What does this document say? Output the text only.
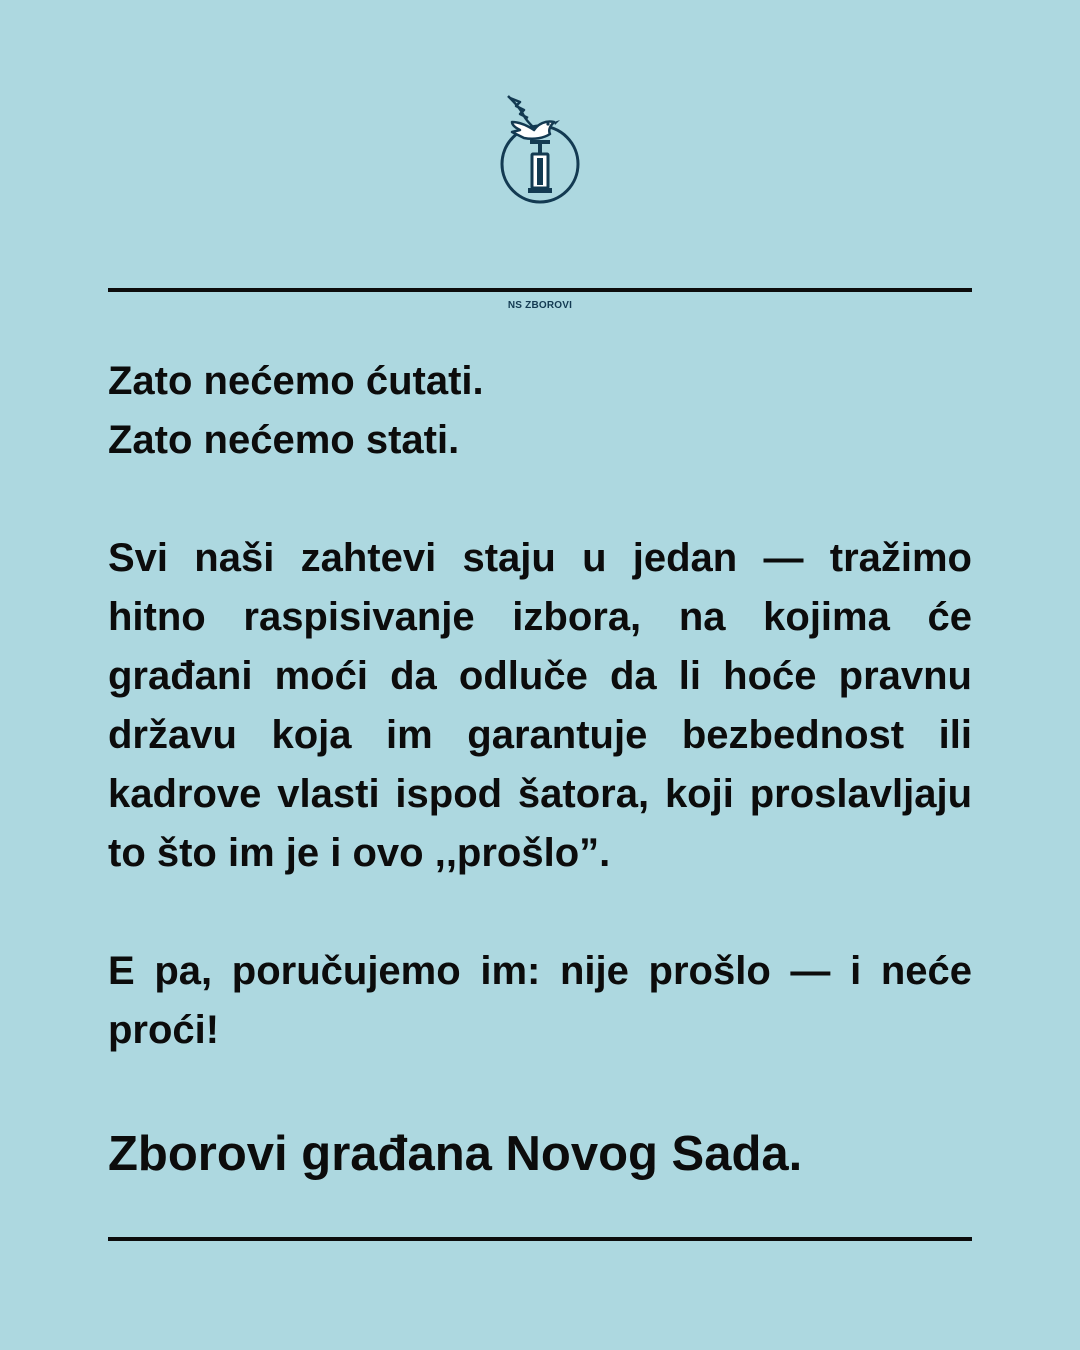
NS ZBOROVI

Zato nećemo ćutati.
Zato nećemo stati.

Svi naši zahtevi staju u jedan — tražimo hitno raspisivanje izbora, na kojima će građani moći da odluče da li hoće pravnu državu koja im garantuje bezbednost ili kadrove vlasti ispod šatora, koji proslavljaju to što im je i ovo ,,prošlo”.

E pa, poručujemo im: nije prošlo — i neće proći!

Zborovi građana Novog Sada.
